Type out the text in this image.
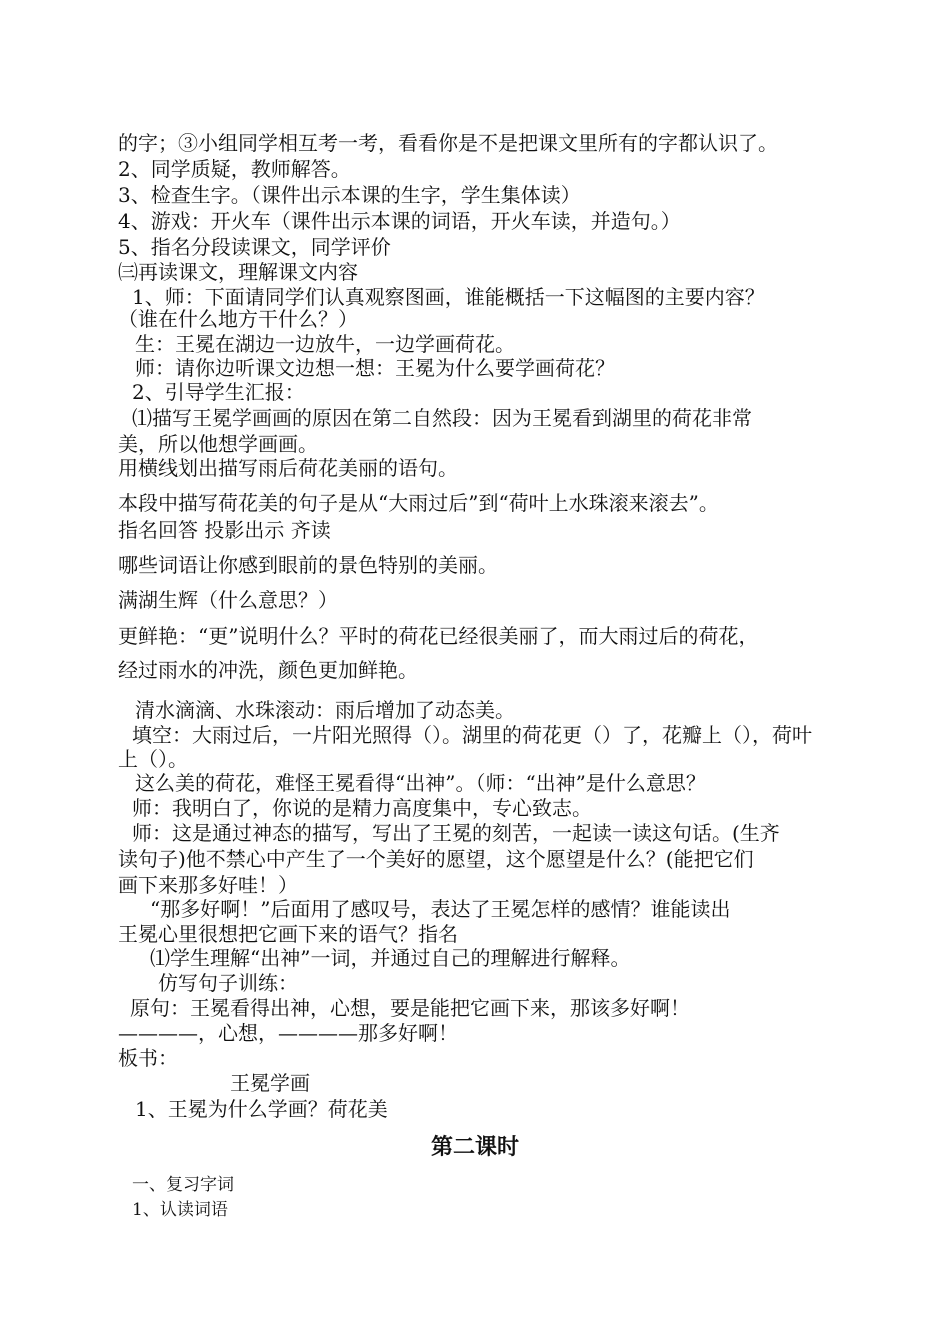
的字；③小组同学相互考一考，看看你是不是把课文里所有的字都认识了。
2、同学质疑，教师解答。
3、检查生字。（课件出示本课的生字，学生集体读）
4、游戏：开火车（课件出示本课的词语，开火车读，并造句。）
5、指名分段读课文，同学评价
㈢再读课文，理解课文内容
1、师：下面请同学们认真观察图画，谁能概括一下这幅图的主要内容？
（谁在什么地方干什么？）
生：王冕在湖边一边放牛，一边学画荷花。
师：请你边听课文边想一想：王冕为什么要学画荷花？
2、引导学生汇报：
⑴描写王冕学画画的原因在第二自然段：因为王冕看到湖里的荷花非常
美，所以他想学画画。
用横线划出描写雨后荷花美丽的语句。
本段中描写荷花美的句子是从“大雨过后”到“荷叶上水珠滚来滚去”。
指名回答 投影出示 齐读
哪些词语让你感到眼前的景色特别的美丽。
满湖生辉（什么意思？）
更鲜艳：“更”说明什么？平时的荷花已经很美丽了，而大雨过后的荷花，
经过雨水的冲洗，颜色更加鲜艳。
清水滴滴、水珠滚动：雨后增加了动态美。
填空：大雨过后，一片阳光照得（）。湖里的荷花更（）了，花瓣上（），荷叶
上（）。
这么美的荷花，难怪王冕看得“出神”。（师：“出神”是什么意思？
师：我明白了，你说的是精力高度集中，专心致志。
师：这是通过神态的描写，写出了王冕的刻苦，一起读一读这句话。(生齐
读句子)他不禁心中产生了一个美好的愿望，这个愿望是什么？(能把它们
画下来那多好哇！）
“那多好啊！”后面用了感叹号，表达了王冕怎样的感情？谁能读出
王冕心里很想把它画下来的语气？指名
⑴学生理解“出神”一词，并通过自己的理解进行解释。
仿写句子训练：
原句：王冕看得出神，心想，要是能把它画下来，那该多好啊！
————，心想，————那多好啊！
板书：
王冕学画
1、王冕为什么学画？荷花美
第二课时
一、复习字词
1、认读词语
